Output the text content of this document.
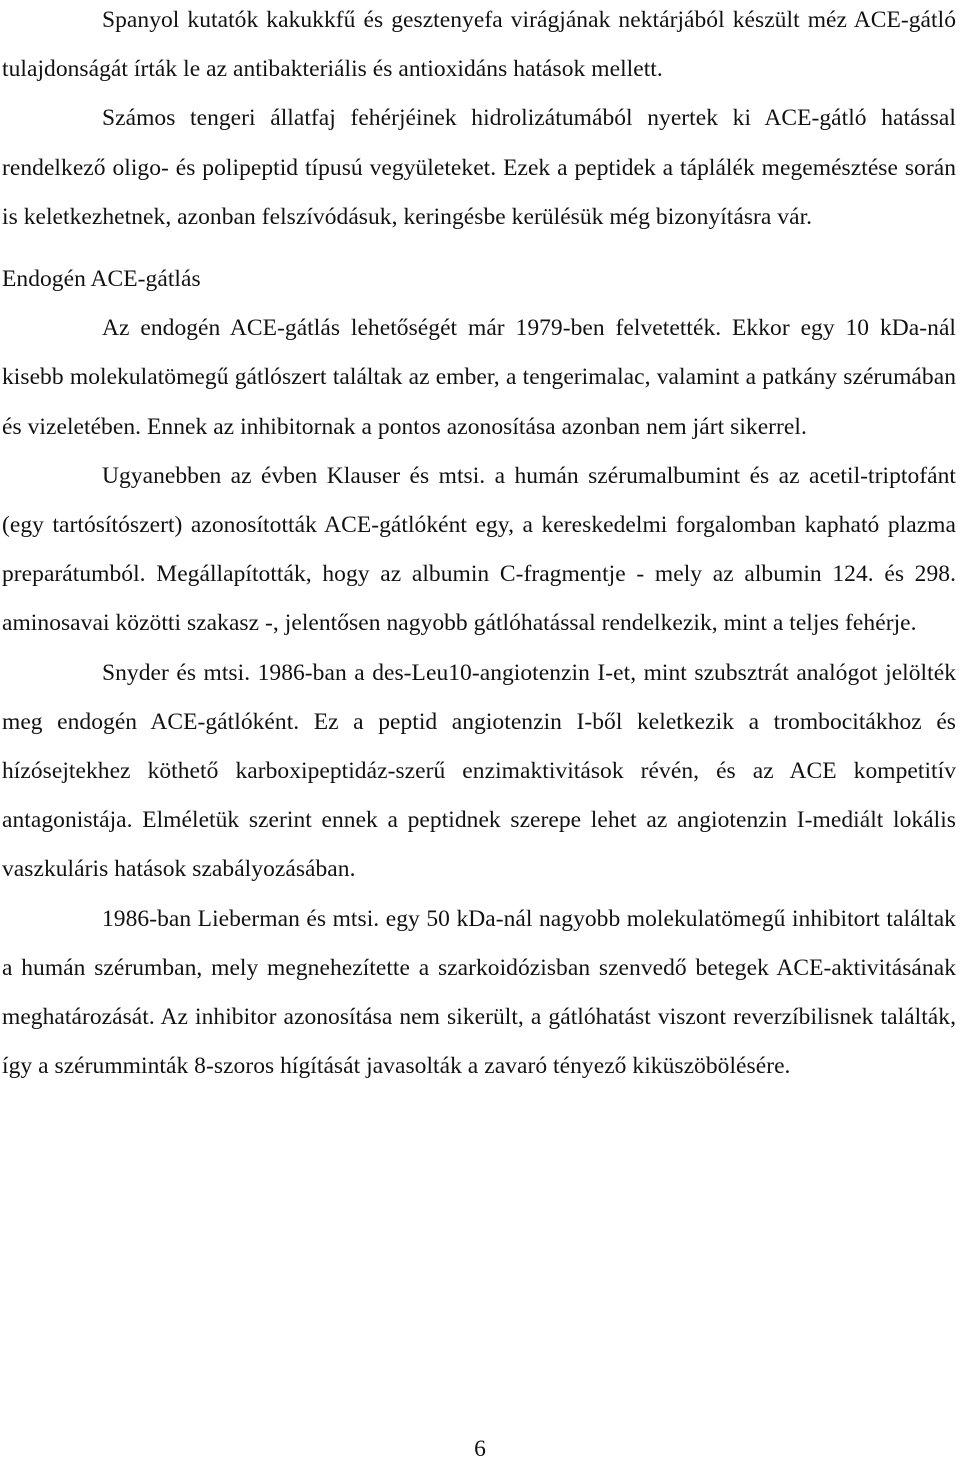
Spanyol kutatók kakukkfű és gesztenyefa virágjának nektárjából készült méz ACE-gátló tulajdonságát írták le az antibakteriális és antioxidáns hatások mellett.

Számos tengeri állatfaj fehérjéinek hidrolizátumából nyertek ki ACE-gátló hatással rendelkező oligo- és polipeptid típusú vegyületeket. Ezek a peptidek a táplálék megemésztése során is keletkezhetnek, azonban felszívódásuk, keringésbe kerülésük még bizonyításra vár.

Endogén ACE-gátlás

Az endogén ACE-gátlás lehetőségét már 1979-ben felvetették. Ekkor egy 10 kDa-nál kisebb molekulatömegű gátlószert találtak az ember, a tengerimalac, valamint a patkány szérumában és vizeletében. Ennek az inhibitornak a pontos azonosítása azonban nem járt sikerrel.

Ugyanebben az évben Klauser és mtsi. a humán szérumalbumint és az acetil-triptofánt (egy tartósítószert) azonosították ACE-gátlóként egy, a kereskedelmi forgalomban kapható plazma preparátumból. Megállapították, hogy az albumin C-fragmentje - mely az albumin 124. és 298. aminosavai közötti szakasz -, jelentősen nagyobb gátlóhatással rendelkezik, mint a teljes fehérje.

Snyder és mtsi. 1986-ban a des-Leu10-angiotenzin I-et, mint szubsztrát analógot jelölték meg endogén ACE-gátlóként. Ez a peptid angiotenzin I-ből keletkezik a trombocitákhoz és hízósejtekhez köthető karboxipeptidáz-szerű enzimaktivitások révén, és az ACE kompetitív antagonistája. Elméletük szerint ennek a peptidnek szerepe lehet az angiotenzin I-mediált lokális vaszkuláris hatások szabályozásában.

1986-ban Lieberman és mtsi. egy 50 kDa-nál nagyobb molekulatömegű inhibitort találtak a humán szérumban, mely megnehezítette a szarkoidózisban szenvedő betegek ACE-aktivitásának meghatározását. Az inhibitor azonosítása nem sikerült, a gátlóhatást viszont reverzíbilisnek találták, így a szérumminták 8-szoros hígítását javasolták a zavaró tényező kiküszöbölésére.

6
